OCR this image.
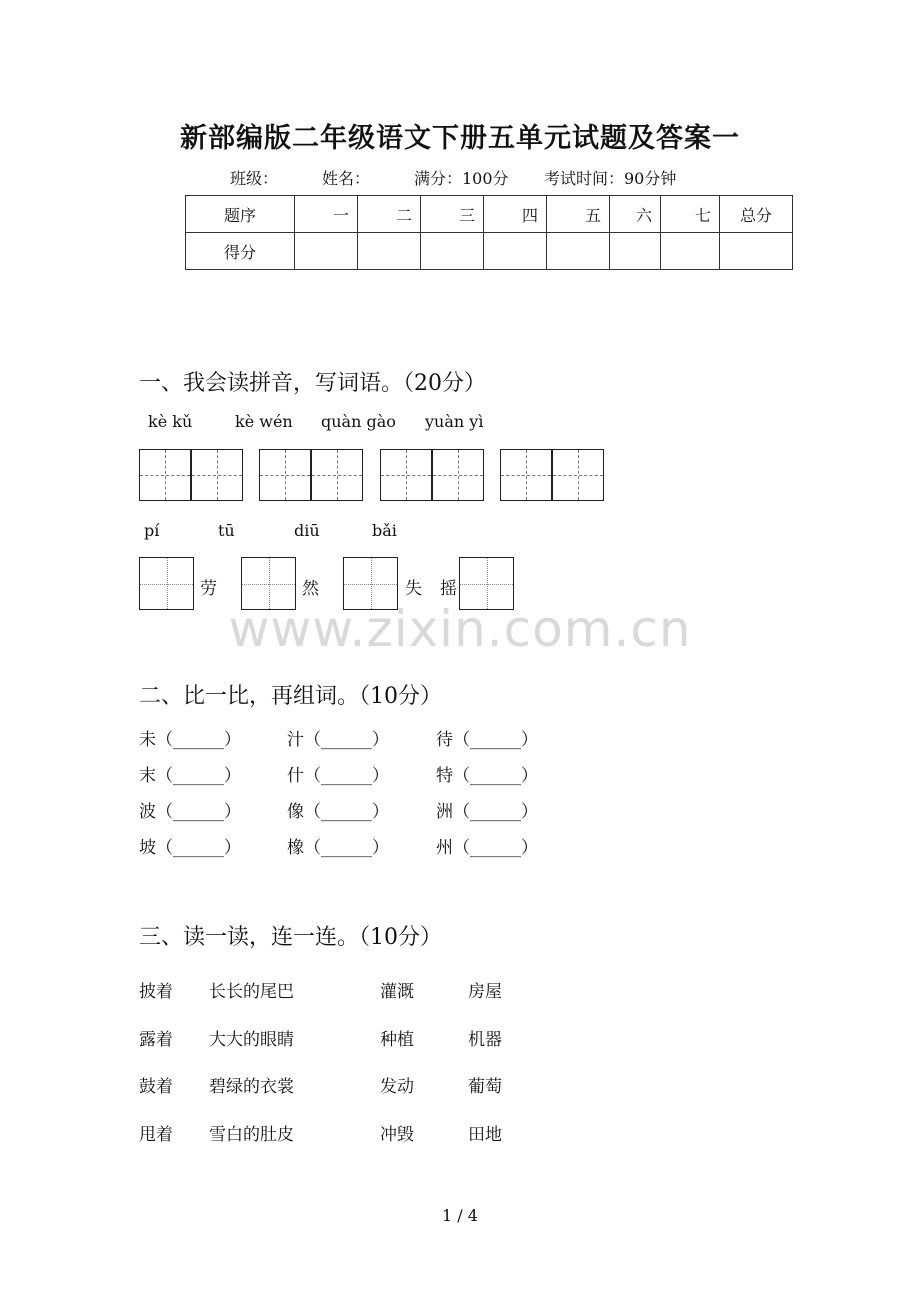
新部编版二年级语文下册五单元试题及答案一
班级：	姓名：	满分：100分 考试时间：90分钟
题序	一	二	三	四	五	六	七	总分
得分								
一、我会读拼音，写词语。（20分）
kè kǔ	kè wén quàn gào yuàn yì
pí	tū	diū	bǎi
劳	然	失 摇
www.zixin.com.cn
二、比一比，再组词。（10分）
未（______）	汁（______）	待（______）
末（______）	什（______）	特（______）
波（______）	像（______）	洲（______）
坡（______）	橡（______）	州（______）
三、读一读，连一连。（10分）
披着 长长的尾巴	灌溉	房屋
露着 大大的眼睛	种植	机器
鼓着 碧绿的衣裳	发动	葡萄
甩着 雪白的肚皮	冲毁	田地
1 / 4
